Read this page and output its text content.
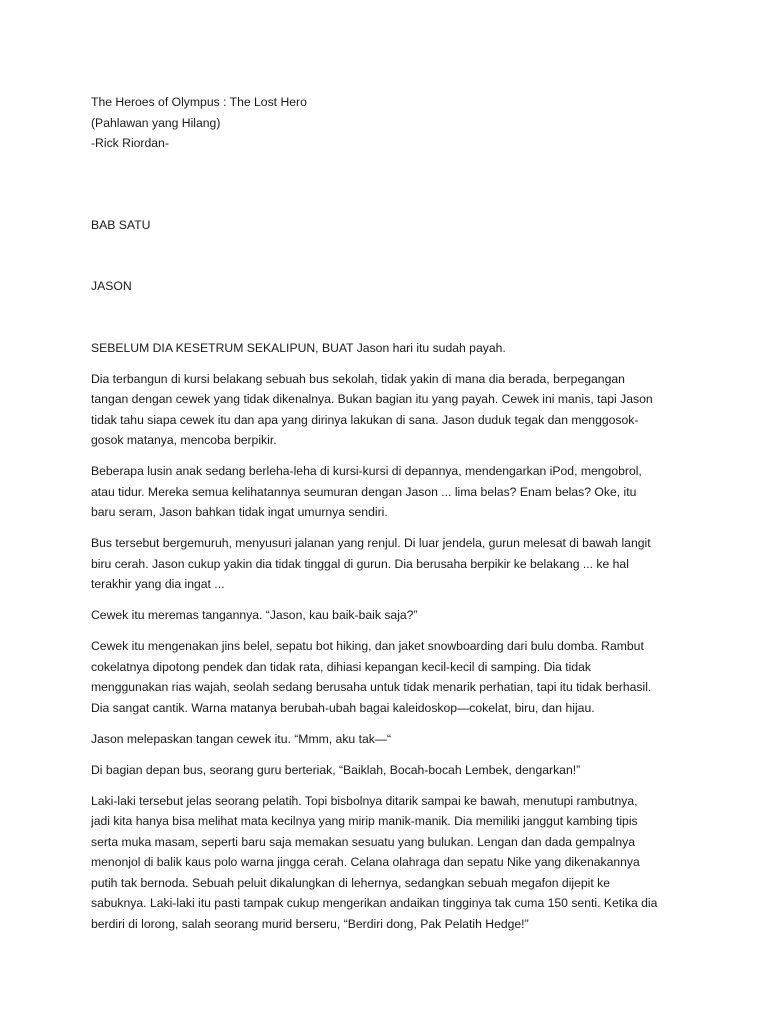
The Heroes of Olympus : The Lost Hero

(Pahlawan yang Hilang)

-Rick Riordan-

BAB SATU

JASON

SEBELUM DIA KESETRUM SEKALIPUN, BUAT Jason hari itu sudah payah.

Dia terbangun di kursi belakang sebuah bus sekolah, tidak yakin di mana dia berada, berpegangan
tangan dengan cewek yang tidak dikenalnya. Bukan bagian itu yang payah. Cewek ini manis, tapi Jason
tidak tahu siapa cewek itu dan apa yang dirinya lakukan di sana. Jason duduk tegak dan menggosok-
gosok matanya, mencoba berpikir.

Beberapa lusin anak sedang berleha-leha di kursi-kursi di depannya, mendengarkan iPod, mengobrol,
atau tidur. Mereka semua kelihatannya seumuran dengan Jason ... lima belas? Enam belas? Oke, itu
baru seram, Jason bahkan tidak ingat umurnya sendiri.

Bus tersebut bergemuruh, menyusuri jalanan yang renjul. Di luar jendela, gurun melesat di bawah langit
biru cerah. Jason cukup yakin dia tidak tinggal di gurun. Dia berusaha berpikir ke belakang ... ke hal
terakhir yang dia ingat ...

Cewek itu meremas tangannya. “Jason, kau baik-baik saja?”

Cewek itu mengenakan jins belel, sepatu bot hiking, dan jaket snowboarding dari bulu domba. Rambut
cokelatnya dipotong pendek dan tidak rata, dihiasi kepangan kecil-kecil di samping. Dia tidak
menggunakan rias wajah, seolah sedang berusaha untuk tidak menarik perhatian, tapi itu tidak berhasil.
Dia sangat cantik. Warna matanya berubah-ubah bagai kaleidoskop—cokelat, biru, dan hijau.

Jason melepaskan tangan cewek itu. “Mmm, aku tak—“

Di bagian depan bus, seorang guru berteriak, “Baiklah, Bocah-bocah Lembek, dengarkan!”

Laki-laki tersebut jelas seorang pelatih. Topi bisbolnya ditarik sampai ke bawah, menutupi rambutnya,
jadi kita hanya bisa melihat mata kecilnya yang mirip manik-manik. Dia memiliki janggut kambing tipis
serta muka masam, seperti baru saja memakan sesuatu yang bulukan. Lengan dan dada gempalnya
menonjol di balik kaus polo warna jingga cerah. Celana olahraga dan sepatu Nike yang dikenakannya
putih tak bernoda. Sebuah peluit dikalungkan di lehernya, sedangkan sebuah megafon dijepit ke
sabuknya. Laki-laki itu pasti tampak cukup mengerikan andaikan tingginya tak cuma 150 senti. Ketika dia
berdiri di lorong, salah seorang murid berseru, “Berdiri dong, Pak Pelatih Hedge!”
